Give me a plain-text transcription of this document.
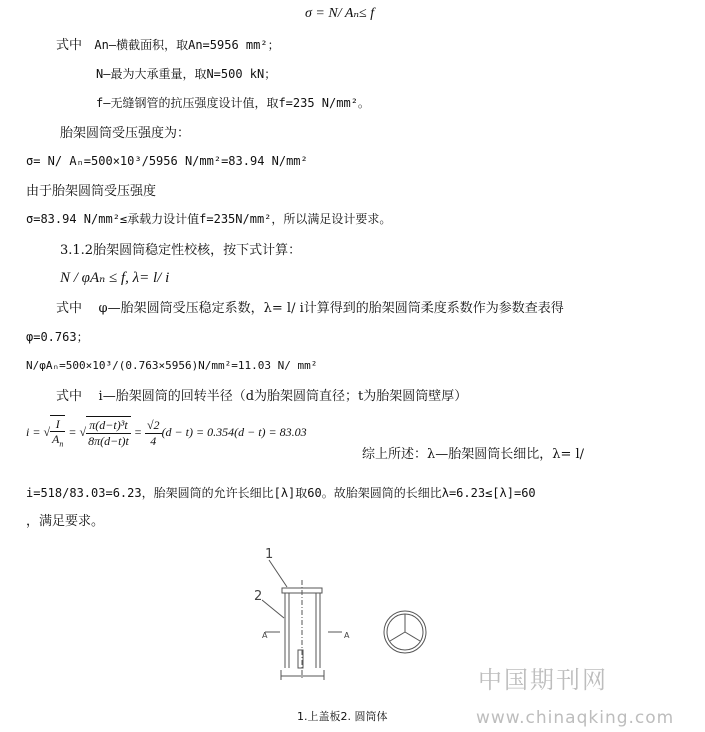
σ = N/ Aₙ≤ f
式中 An—横截面积，取An=5956 mm²；
N—最为大承重量，取N=500 kN；
f—无缝钢管的抗压强度设计值，取f=235 N/mm²。
胎架圆筒受压强度为：
σ= N/ Aₙ=500×10³/5956 N/mm²=83.94 N/mm²
由于胎架圆筒受压强度
σ=83.94 N/mm²≤承载力设计值f=235N/mm²，所以满足设计要求。
3.1.2胎架圆筒稳定性校核，按下式计算：
N / φAₙ ≤ f, λ= l/ i
式中 φ—胎架圆筒受压稳定系数，λ= l/ i计算得到的胎架圆筒柔度系数作为参数查表得
φ=0.763；
N/φAₙ=500×10³/(0.763×5956)N/mm²=11.03 N/ mm²
式中 i—胎架圆筒的回转半径（d为胎架圆筒直径；t为胎架圆筒壁厚）
i = √ $\frac{I}{A_n}$ = √ $\frac{\text{π(d−t)³t}}{8\pi(d-t)t} = \frac{√2}{4} (d - t) = 0.354(d - t) = 83.03$
综上所述：λ—胎架圆筒长细比，λ= l/
i=518/83.03=6.23，胎架圆筒的允许长细比[λ]取60。故胎架圆筒的长细比λ=6.23≤[λ]=60
，满足要求。
1
2
A	A
1.上盖板2. 圆筒体
中国期刊网
www.chinaqking.com
